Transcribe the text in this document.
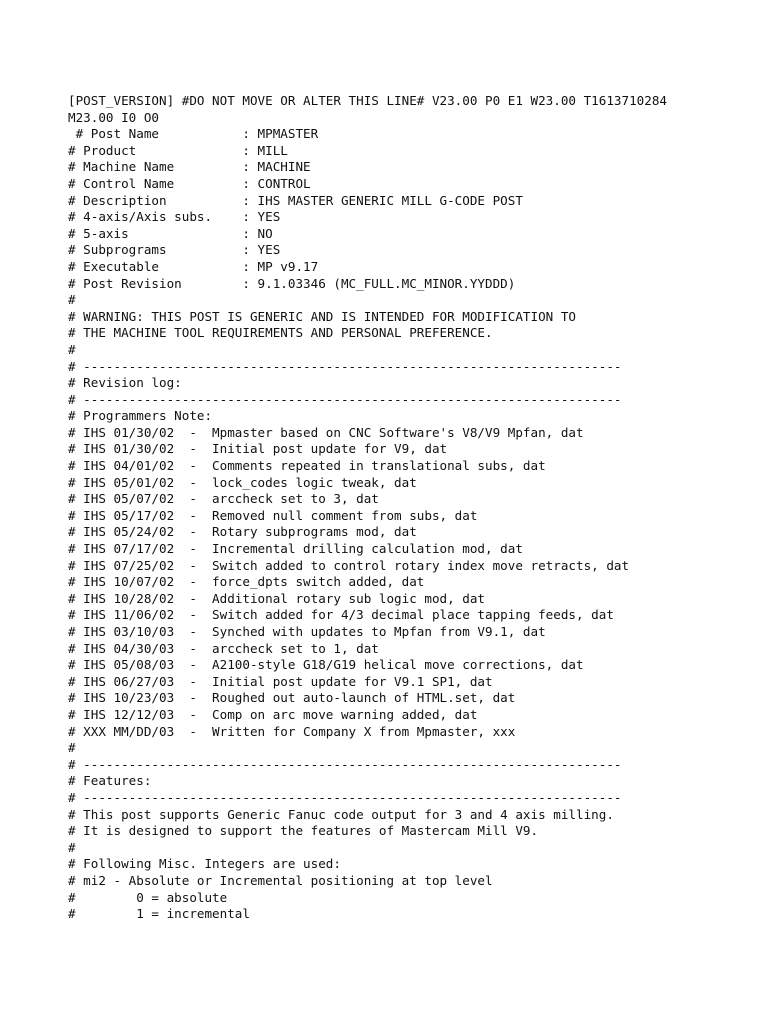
[POST_VERSION] #DO NOT MOVE OR ALTER THIS LINE# V23.00 P0 E1 W23.00 T1613710284
M23.00 I0 O0
# Post Name           : MPMASTER
# Product              : MILL
# Machine Name         : MACHINE
# Control Name         : CONTROL
# Description          : IHS MASTER GENERIC MILL G-CODE POST
# 4-axis/Axis subs.    : YES
# 5-axis               : NO
# Subprograms          : YES
# Executable           : MP v9.17
# Post Revision        : 9.1.03346 (MC_FULL.MC_MINOR.YYDDD)
#
# WARNING: THIS POST IS GENERIC AND IS INTENDED FOR MODIFICATION TO
# THE MACHINE TOOL REQUIREMENTS AND PERSONAL PREFERENCE.
#
# -----------------------------------------------------------------------
# Revision log:
# -----------------------------------------------------------------------
# Programmers Note:
# IHS 01/30/02  -  Mpmaster based on CNC Software's V8/V9 Mpfan, dat
# IHS 01/30/02  -  Initial post update for V9, dat
# IHS 04/01/02  -  Comments repeated in translational subs, dat
# IHS 05/01/02  -  lock_codes logic tweak, dat
# IHS 05/07/02  -  arccheck set to 3, dat
# IHS 05/17/02  -  Removed null comment from subs, dat
# IHS 05/24/02  -  Rotary subprograms mod, dat
# IHS 07/17/02  -  Incremental drilling calculation mod, dat
# IHS 07/25/02  -  Switch added to control rotary index move retracts, dat
# IHS 10/07/02  -  force_dpts switch added, dat
# IHS 10/28/02  -  Additional rotary sub logic mod, dat
# IHS 11/06/02  -  Switch added for 4/3 decimal place tapping feeds, dat
# IHS 03/10/03  -  Synched with updates to Mpfan from V9.1, dat
# IHS 04/30/03  -  arccheck set to 1, dat
# IHS 05/08/03  -  A2100-style G18/G19 helical move corrections, dat
# IHS 06/27/03  -  Initial post update for V9.1 SP1, dat
# IHS 10/23/03  -  Roughed out auto-launch of HTML.set, dat
# IHS 12/12/03  -  Comp on arc move warning added, dat
# XXX MM/DD/03  -  Written for Company X from Mpmaster, xxx
#
# -----------------------------------------------------------------------
# Features:
# -----------------------------------------------------------------------
# This post supports Generic Fanuc code output for 3 and 4 axis milling.
# It is designed to support the features of Mastercam Mill V9.
#
# Following Misc. Integers are used:
# mi2 - Absolute or Incremental positioning at top level
#        0 = absolute
#        1 = incremental
